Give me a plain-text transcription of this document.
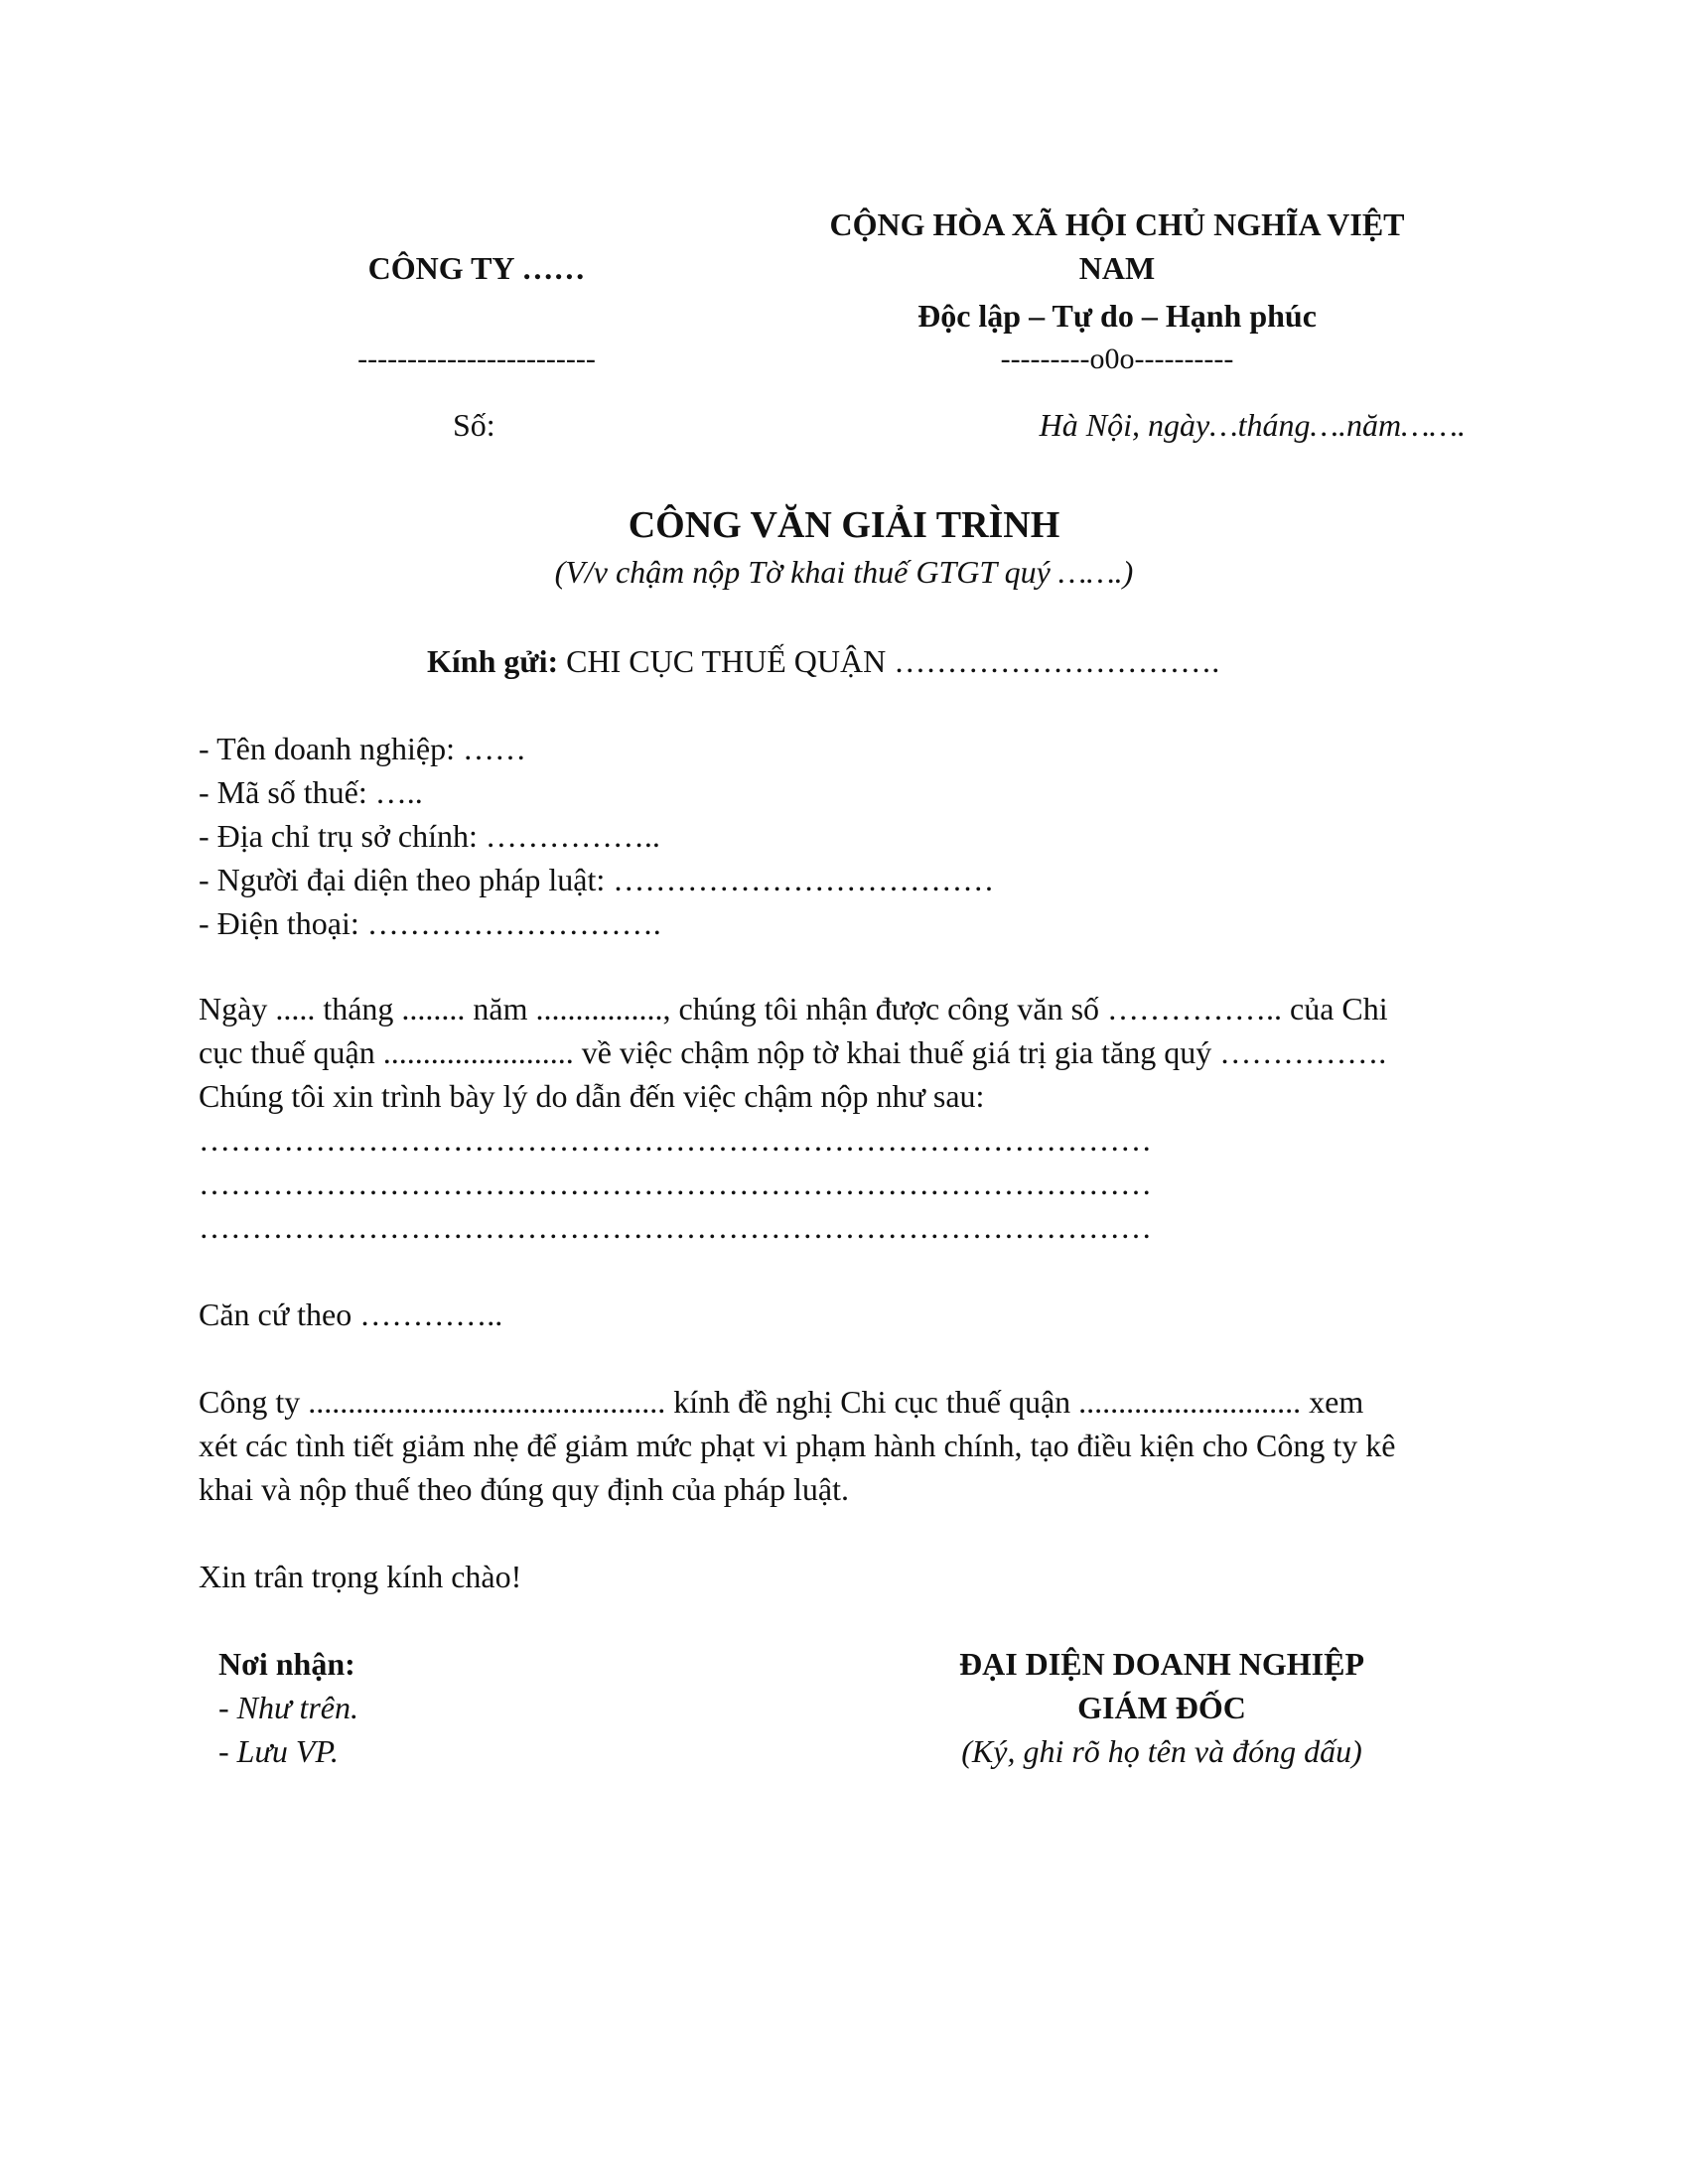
CÔNG TY ……
------------------------
Số:
CỘNG HÒA XÃ HỘI CHỦ NGHĨA VIỆT
NAM
Độc lập – Tự do – Hạnh phúc
---------o0o----------
Hà Nội, ngày…tháng….năm…….
CÔNG VĂN GIẢI TRÌNH
(V/v chậm nộp Tờ khai thuế GTGT quý …….)
Kính gửi: CHI CỤC THUẾ QUẬN ………………………….
- Tên doanh nghiệp: ……
- Mã số thuế: …..
- Địa chỉ trụ sở chính: ……………..
- Người đại diện theo pháp luật: ………………………………
- Điện thoại: ……………………….
Ngày ..... tháng ........ năm ................, chúng tôi nhận được công văn số …………….. của Chi
cục thuế quận ........................ về việc chậm nộp tờ khai thuế giá trị gia tăng quý …………….
Chúng tôi xin trình bày lý do dẫn đến việc chậm nộp như sau:
………………………………………………………………………………
………………………………………………………………………………
………………………………………………………………………………
Căn cứ theo …………..
Công ty ............................................. kính đề nghị Chi cục thuế quận ............................ xem
xét các tình tiết giảm nhẹ để giảm mức phạt vi phạm hành chính, tạo điều kiện cho Công ty kê
khai và nộp thuế theo đúng quy định của pháp luật.
Xin trân trọng kính chào!
Nơi nhận:
- Như trên.
- Lưu VP.
ĐẠI DIỆN DOANH NGHIỆP
GIÁM ĐỐC
(Ký, ghi rõ họ tên và đóng dấu)
